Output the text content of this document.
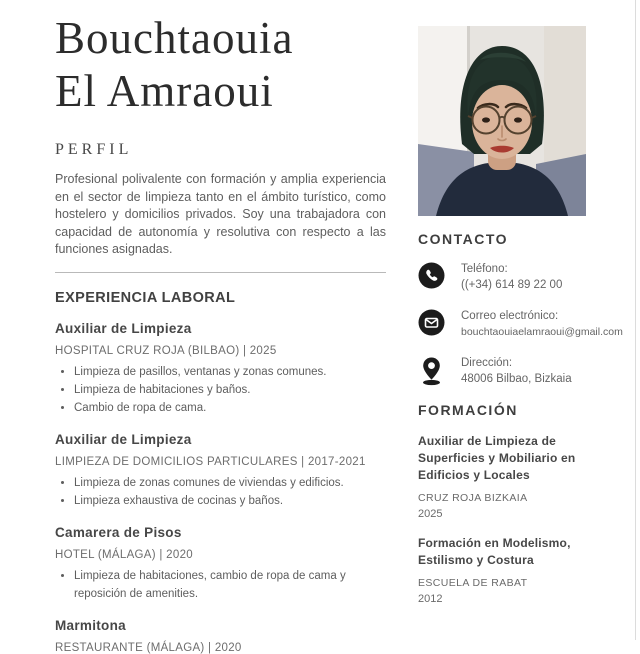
Bouchtaouia
El Amraoui
PERFIL

Profesional polivalente con formación y amplia experiencia en el sector de limpieza tanto en el ámbito turístico, como hostelero y domicilios privados. Soy una trabajadora con capacidad de autonomía y resolutiva con respecto a las funciones asignadas.

EXPERIENCIA LABORAL
Auxiliar de Limpieza
HOSPITAL CRUZ ROJA (BILBAO) | 2025
• Limpieza de pasillos, ventanas y zonas comunes.
• Limpieza de habitaciones y baños.
• Cambio de ropa de cama.
Auxiliar de Limpieza
LIMPIEZA DE DOMICILIOS PARTICULARES | 2017-2021
• Limpieza de zonas comunes de viviendas y edificios.
• Limpieza exhaustiva de cocinas y baños.
Camarera de Pisos
HOTEL (MÁLAGA) | 2020
• Limpieza de habitaciones, cambio de ropa de cama y reposición de amenities.
Marmitona
RESTAURANTE (MÁLAGA) | 2020
CONTACTO
Teléfono:
((+34) 614 89 22 00
Correo electrónico:
bouchtaouiaelamraoui@gmail.com
Dirección:
48006 Bilbao, Bizkaia
FORMACIÓN
Auxiliar de Limpieza de Superficies y Mobiliario en Edificios y Locales
CRUZ ROJA BIZKAIA
2025
Formación en Modelismo, Estilismo y Costura
ESCUELA DE RABAT
2012
